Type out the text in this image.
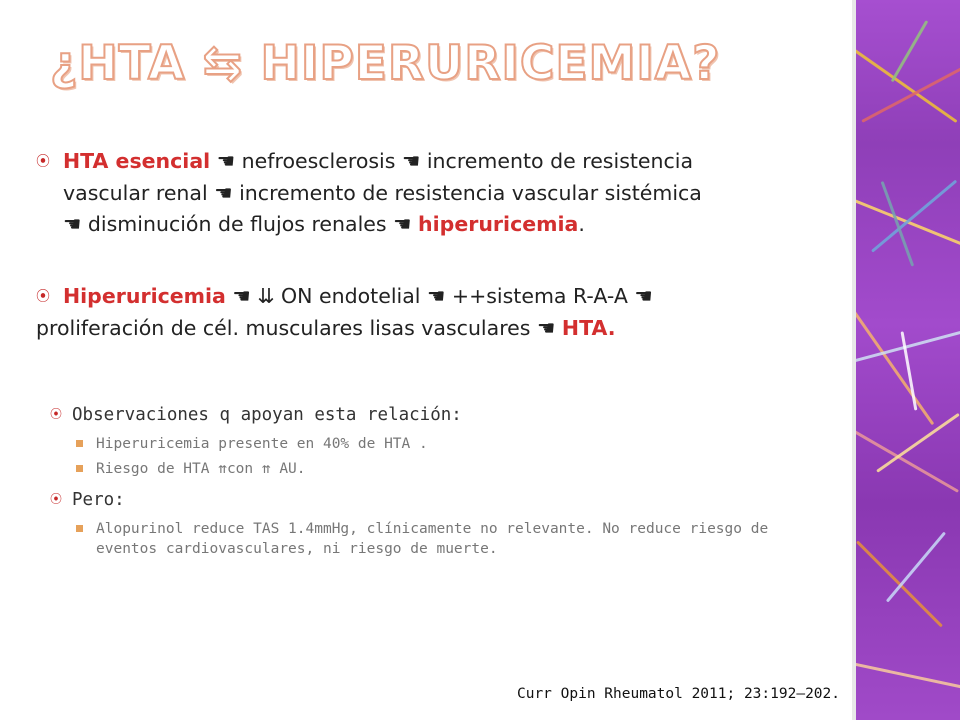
¿HTA ⇆ HIPERURICEMIA?
⦿ HTA esencial ☚ nefroesclerosis ☚ incremento de resistencia
vascular renal ☚ incremento de resistencia vascular sistémica
☚ disminución de flujos renales ☚ hiperuricemia.
⦿ Hiperuricemia ☚ ⇊ ON endotelial ☚ ++sistema R-A-A ☚
proliferación de cél. musculares lisas vasculares ☚ HTA.

⦿ Observaciones q apoyan esta relación:

Hiperuricemia presente en 40% de HTA .
Riesgo de HTA ⇈con ⇈ AU.

⦿ Pero:

Alopurinol reduce TAS 1.4mmHg, clínicamente no relevante. No reduce riesgo de eventos cardiovasculares, ni riesgo de muerte.
Curr Opin Rheumatol 2011; 23:192–202.
